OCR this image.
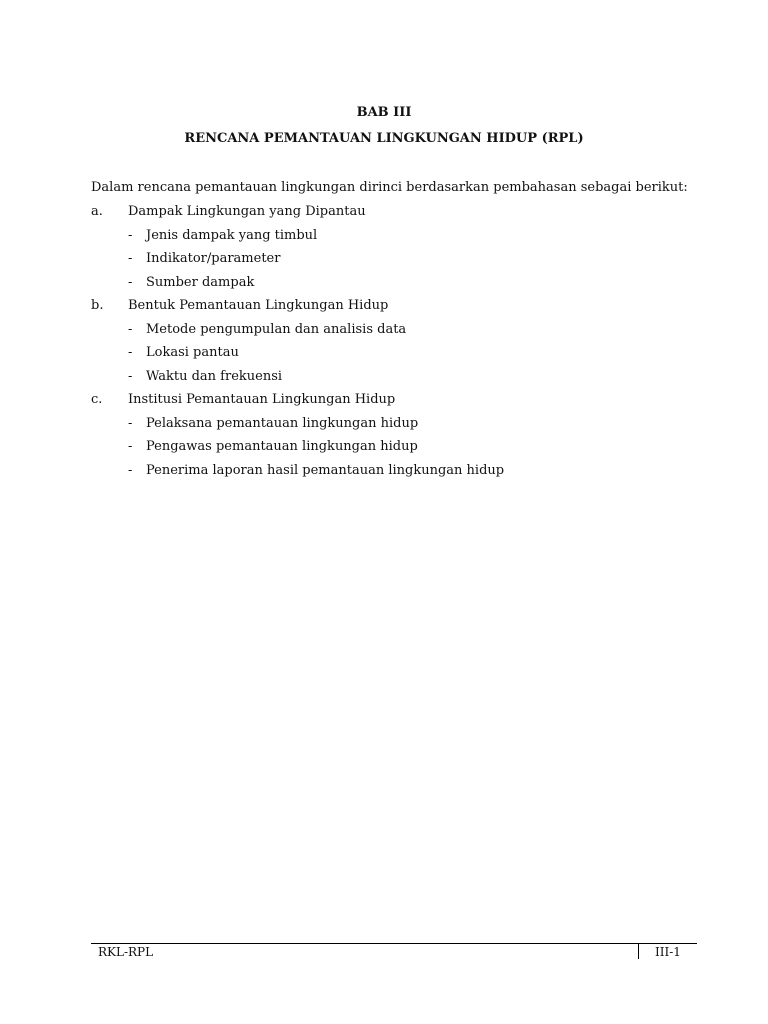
BAB III
RENCANA PEMANTAUAN LINGKUNGAN HIDUP (RPL)
Dalam rencana pemantauan lingkungan dirinci berdasarkan pembahasan sebagai berikut:
a. Dampak Lingkungan yang Dipantau
- Jenis dampak yang timbul
- Indikator/parameter
- Sumber dampak
b. Bentuk Pemantauan Lingkungan Hidup
- Metode pengumpulan dan analisis data
- Lokasi pantau
- Waktu dan frekuensi
c. Institusi Pemantauan Lingkungan Hidup
- Pelaksana pemantauan lingkungan hidup
- Pengawas pemantauan lingkungan hidup
- Penerima laporan hasil pemantauan lingkungan hidup
RKL-RPL	III-1
